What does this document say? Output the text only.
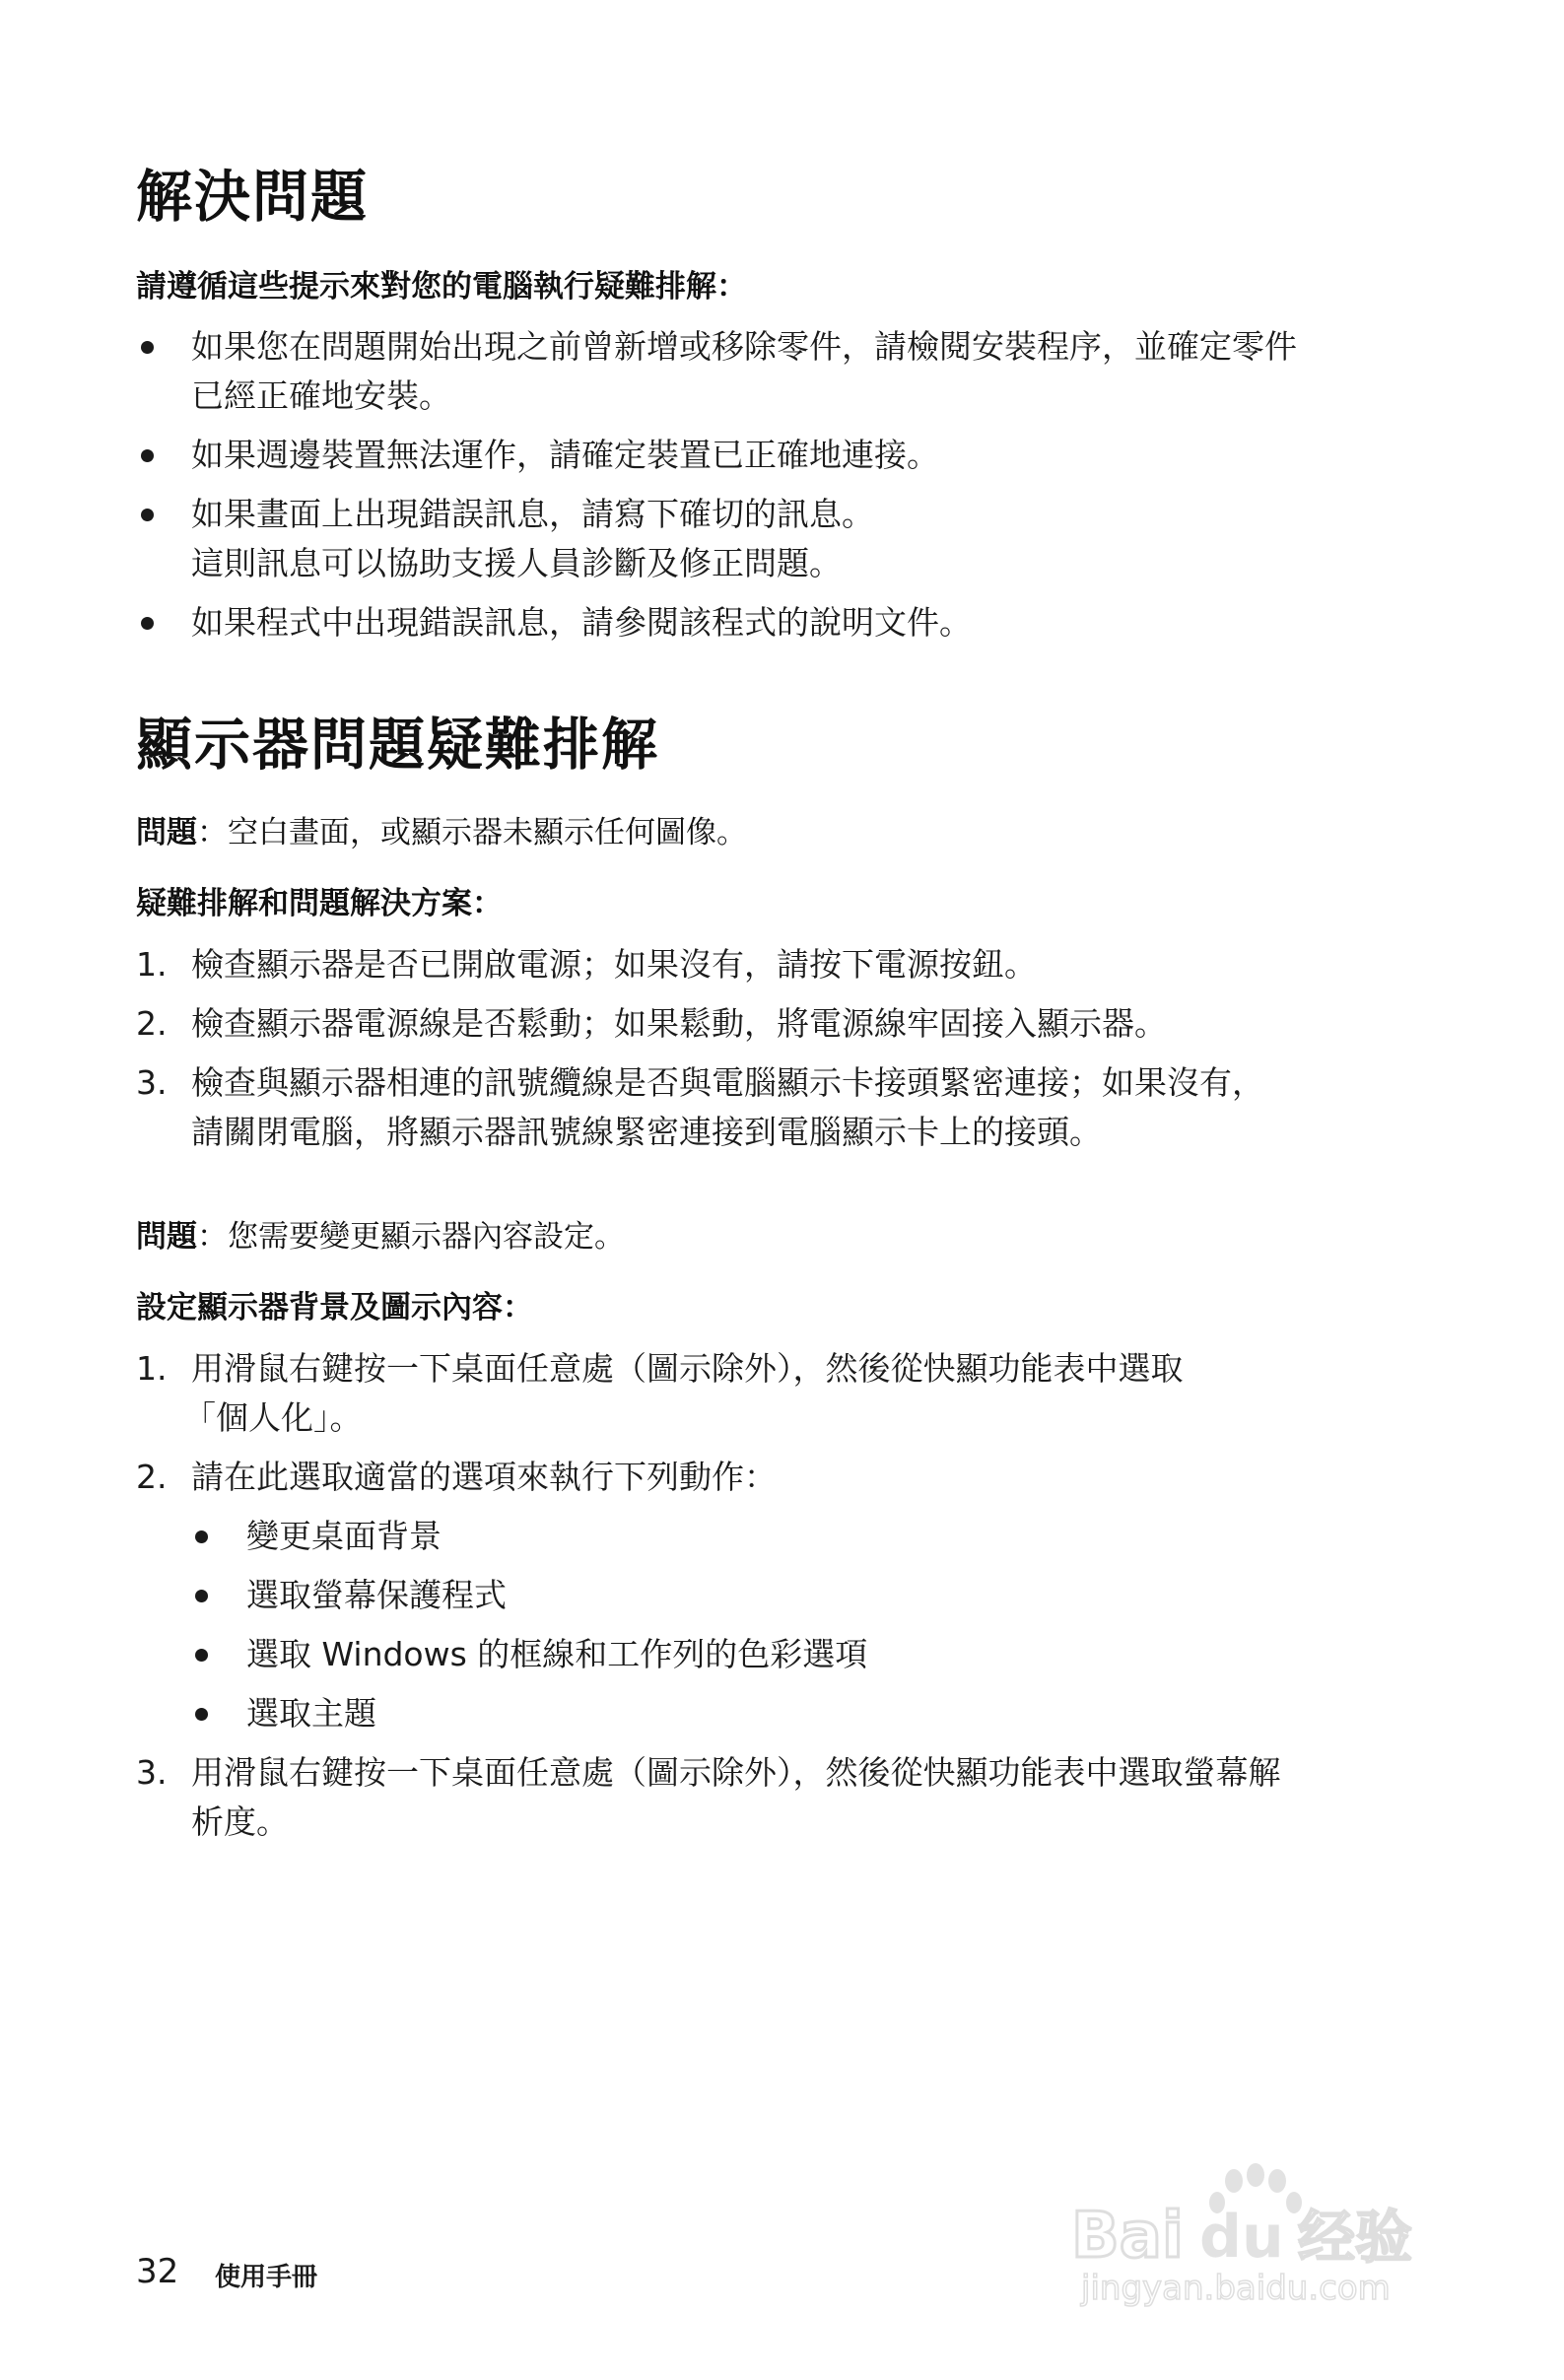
解決問題
請遵循這些提示來對您的電腦執行疑難排解：
如果您在問題開始出現之前曾新增或移除零件，請檢閱安裝程序，並確定零件
已經正確地安裝。
如果週邊裝置無法運作，請確定裝置已正確地連接。
如果畫面上出現錯誤訊息，請寫下確切的訊息。
這則訊息可以協助支援人員診斷及修正問題。
如果程式中出現錯誤訊息，請參閱該程式的說明文件。
顯示器問題疑難排解
問題：空白畫面，或顯示器未顯示任何圖像。
疑難排解和問題解決方案：
1. 檢查顯示器是否已開啟電源；如果沒有，請按下電源按鈕。
2. 檢查顯示器電源線是否鬆動；如果鬆動，將電源線牢固接入顯示器。
3. 檢查與顯示器相連的訊號纜線是否與電腦顯示卡接頭緊密連接；如果沒有，
請關閉電腦，將顯示器訊號線緊密連接到電腦顯示卡上的接頭。
問題：您需要變更顯示器內容設定。
設定顯示器背景及圖示內容：
1. 用滑鼠右鍵按一下桌面任意處（圖示除外），然後從快顯功能表中選取
「個人化」。
2. 請在此選取適當的選項來執行下列動作：
變更桌面背景
選取螢幕保護程式
選取 Windows 的框線和工作列的色彩選項
選取主題
3. 用滑鼠右鍵按一下桌面任意處（圖示除外），然後從快顯功能表中選取螢幕解
析度。
32 使用手冊
Bai du 经验
jingyan.baidu.com
